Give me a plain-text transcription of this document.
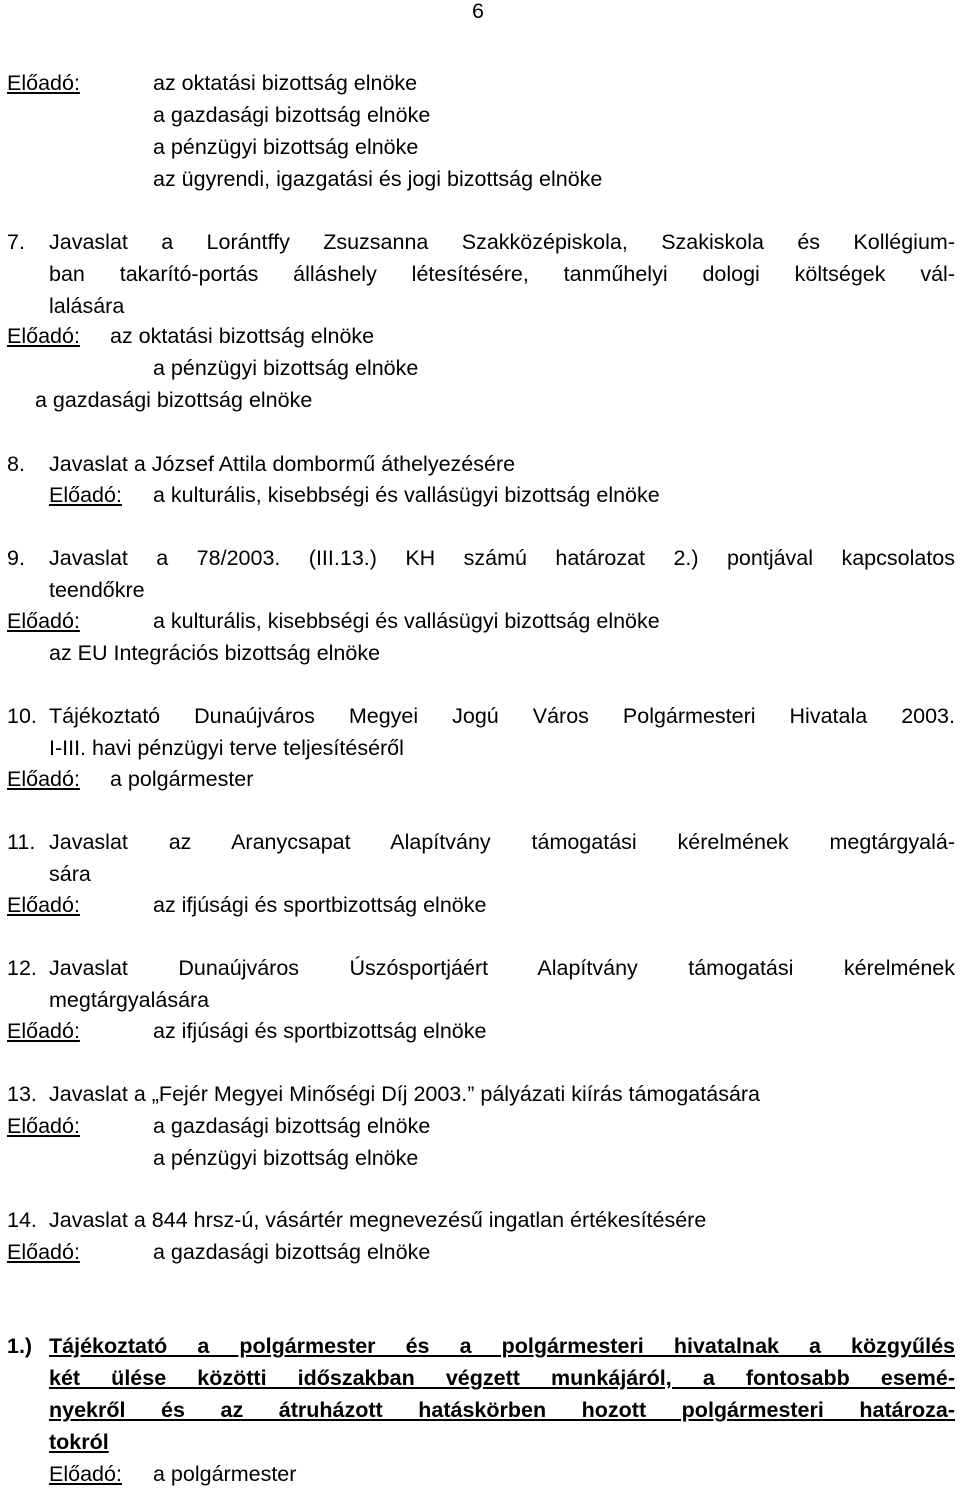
6
Előadó:	az oktatási bizottság elnöke
a gazdasági bizottság elnöke
a pénzügyi bizottság elnöke
az ügyrendi, igazgatási és jogi bizottság elnöke
7. Javaslat a Lorántffy Zsuzsanna Szakközépiskola, Szakiskola és Kollégium-
ban takarító-portás álláshely létesítésére, tanműhelyi dologi költségek vál-
lalására
Előadó: az oktatási bizottság elnöke
a pénzügyi bizottság elnöke
a gazdasági bizottság elnöke
8. Javaslat a József Attila dombormű áthelyezésére
Előadó:	a kulturális, kisebbségi és vallásügyi bizottság elnöke
9. Javaslat a 78/2003. (III.13.) KH számú határozat 2.) pontjával kapcsolatos
teendőkre
Előadó:	a kulturális, kisebbségi és vallásügyi bizottság elnöke
az EU Integrációs bizottság elnöke
10. Tájékoztató Dunaújváros Megyei Jogú Város Polgármesteri Hivatala 2003.
I-III. havi pénzügyi terve teljesítéséről
Előadó: a polgármester
11. Javaslat az Aranycsapat Alapítvány támogatási kérelmének megtárgyalá-
sára
Előadó:	az ifjúsági és sportbizottság elnöke
12. Javaslat Dunaújváros Úszósportjáért Alapítvány támogatási kérelmének
megtárgyalására
Előadó:	az ifjúsági és sportbizottság elnöke
13. Javaslat a „Fejér Megyei Minőségi Díj 2003.” pályázati kiírás támogatására
Előadó:	a gazdasági bizottság elnöke
a pénzügyi bizottság elnöke
14. Javaslat a 844 hrsz-ú, vásártér megnevezésű ingatlan értékesítésére
Előadó:	a gazdasági bizottság elnöke
1.) Tájékoztató a polgármester és a polgármesteri hivatalnak a közgyűlés
két ülése közötti időszakban végzett munkájáról, a fontosabb esemé-
nyekről és az átruházott hatáskörben hozott polgármesteri határoza-
tokról
Előadó: a polgármester
